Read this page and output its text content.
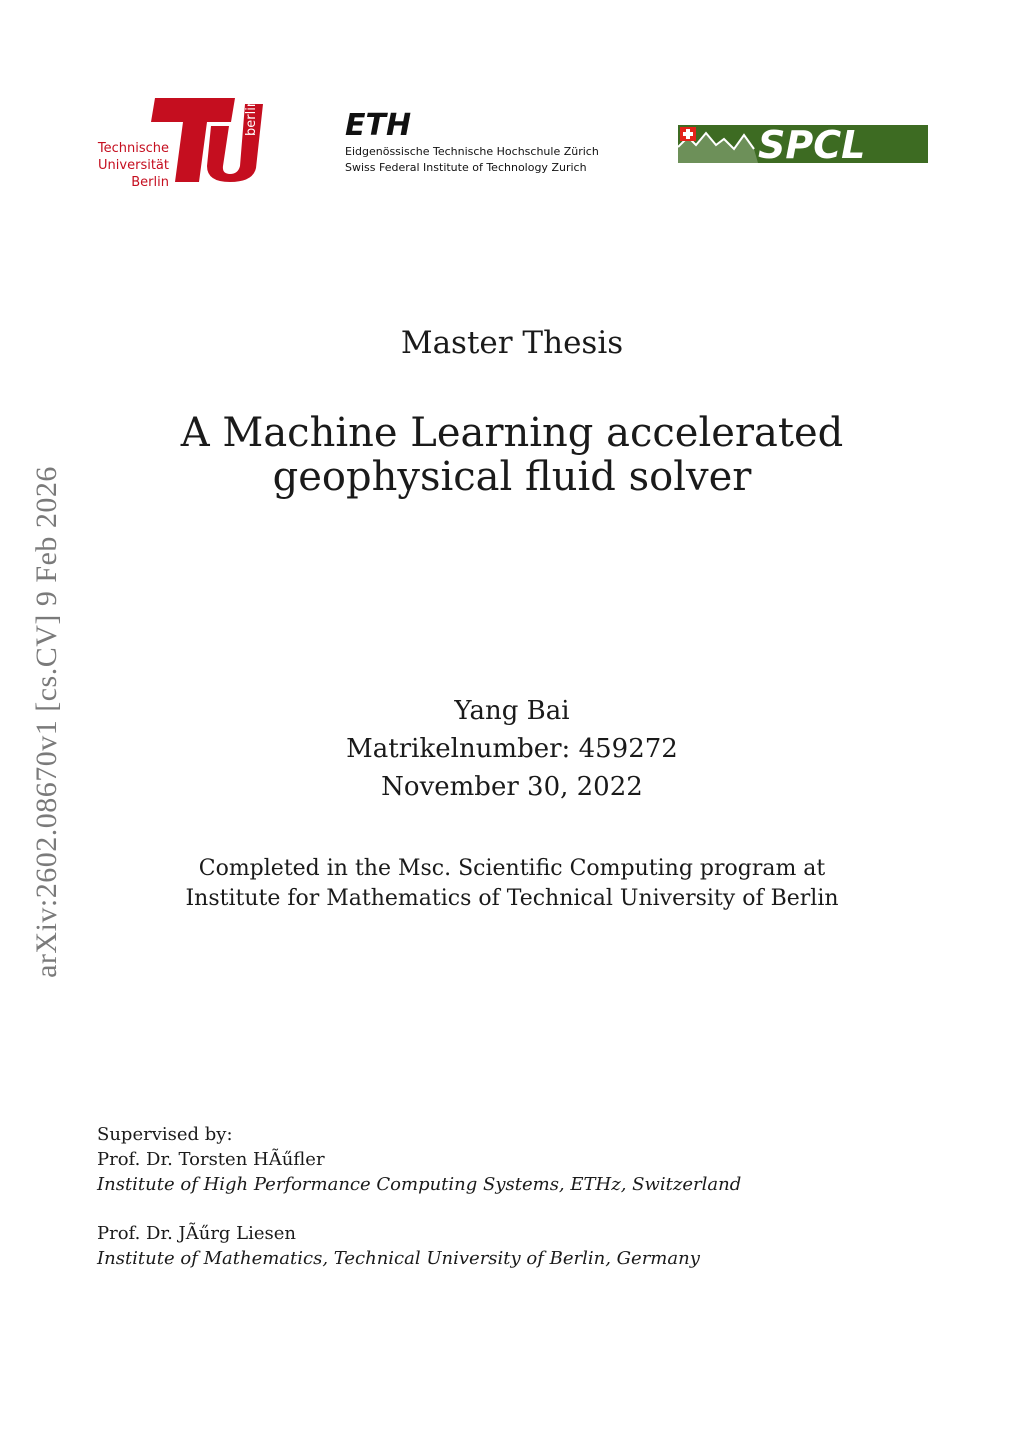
Technische
Universität
Berlin
berlin	ETH
Eidgenössische Technische Hochschule Zürich
Swiss Federal Institute of Technology Zurich
SPCL
arXiv:2602.08670v1 [cs.CV] 9 Feb 2026
Master Thesis
A Machine Learning accelerated
geophysical fluid solver
Yang Bai
Matrikelnumber: 459272
November 30, 2022
Completed in the Msc. Scientific Computing program at
Institute for Mathematics of Technical University of Berlin
Supervised by:
Prof. Dr. Torsten HÃűfler
Institute of High Performance Computing Systems, ETHz, Switzerland
Prof. Dr. JÃűrg Liesen
Institute of Mathematics, Technical University of Berlin, Germany
